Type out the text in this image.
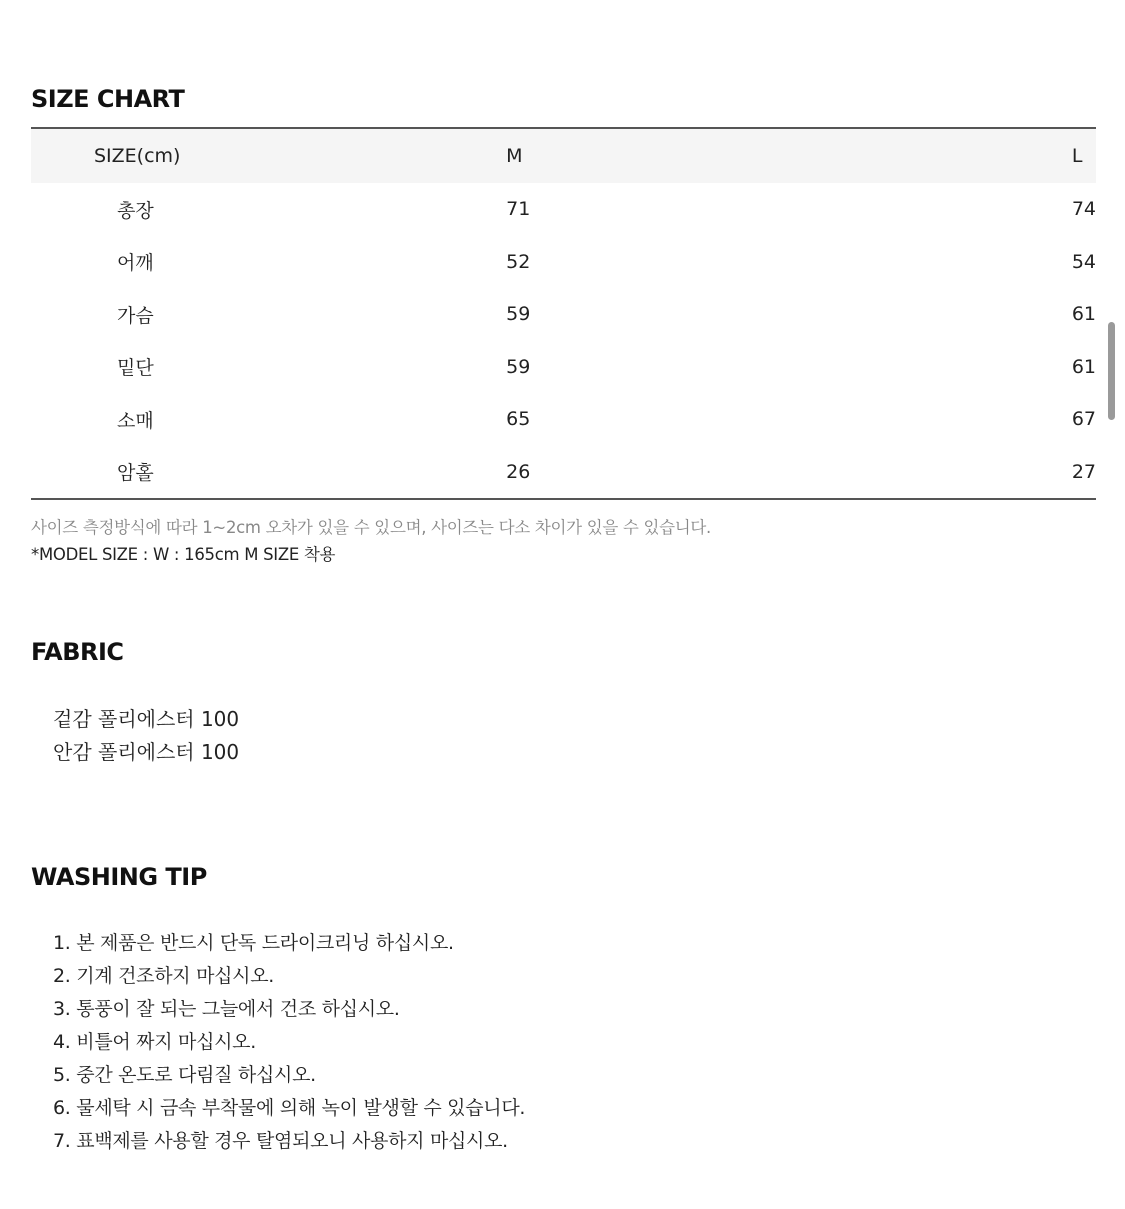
SIZE CHART
SIZE(cm)	M	L
총장	71	74
어깨	52	54
가슴	59	61
밑단	59	61
소매	65	67
암홀	26	27

사이즈 측정방식에 따라 1~2cm 오차가 있을 수 있으며, 사이즈는 다소 차이가 있을 수 있습니다.

*MODEL SIZE : W : 165cm M SIZE 착용

FABRIC
겉감 폴리에스터 100
안감 폴리에스터 100
WASHING TIP
1. 본 제품은 반드시 단독 드라이크리닝 하십시오.
2. 기계 건조하지 마십시오.
3. 통풍이 잘 되는 그늘에서 건조 하십시오.
4. 비틀어 짜지 마십시오.
5. 중간 온도로 다림질 하십시오.
6. 물세탁 시 금속 부착물에 의해 녹이 발생할 수 있습니다.
7. 표백제를 사용할 경우 탈염되오니 사용하지 마십시오.
